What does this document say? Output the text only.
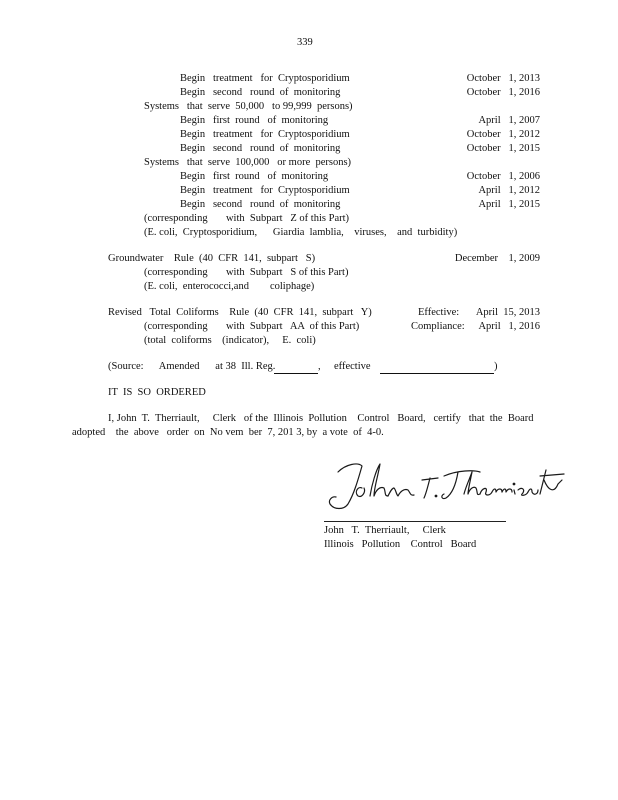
339
Begin   treatment   for  Cryptosporidium	October   1, 2013
Begin   second   round  of  monitoring	October   1, 2016
Systems   that  serve  50,000   to 99,999  persons)
Begin   first  round   of  monitoring	April   1, 2007
Begin   treatment   for  Cryptosporidium	October   1, 2012
Begin   second   round  of  monitoring	October   1, 2015
Systems   that  serve  100,000   or more  persons)
Begin   first  round   of  monitoring	October   1, 2006
Begin   treatment   for  Cryptosporidium	April   1, 2012
Begin   second   round  of  monitoring	April   1, 2015
(corresponding       with  Subpart   Z of this Part)
(E. coli,  Cryptosporidium,      Giardia  lamblia,    viruses,    and  turbidity)
Groundwater    Rule  (40  CFR  141,  subpart   S)	December    1, 2009
(corresponding       with  Subpart   S of this Part)
(E. coli,  enterococci,and        coliphage)
Revised   Total  Coliforms    Rule  (40  CFR  141,  subpart   Y)	Effective: April  15, 2013
(corresponding       with  Subpart   AA  of this Part)	Compliance: April   1, 2016
(total  coliforms    (indicator),     E.  coli)
(Source:      Amended      at 38  Ill. Reg.	, effective	)
IT  IS  SO  ORDERED
I, John  T.  Therriault,     Clerk   of the  Illinois  Pollution    Control   Board,   certify   that  the  Board
adopted    the  above   order  on  No vem  ber  7, 201 3, by  a vote  of  4-0.
John   T.  Therriault,     Clerk
Illinois   Pollution    Control   Board
